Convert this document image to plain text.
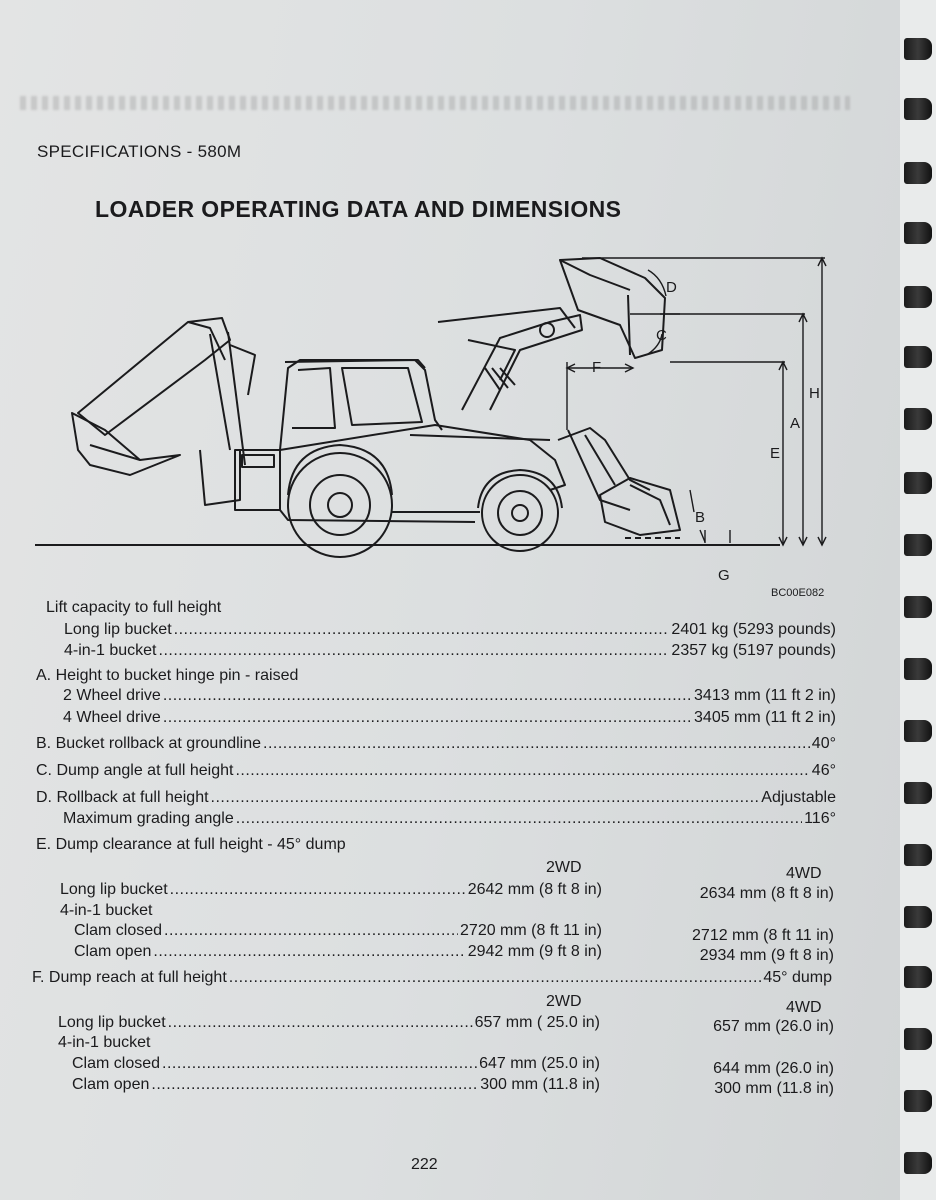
SPECIFICATIONS - 580M
LOADER OPERATING DATA AND DIMENSIONS
A
B
C
D
E
F
G
H
BC00E082
Lift capacity to full height
Long lip bucket .....	2401 kg (5293 pounds)
4-in-1 bucket .....	2357 kg (5197 pounds)
A. Height to bucket hinge pin - raised
2 Wheel drive .....	3413 mm (11 ft 2 in)
4 Wheel drive .....	3405 mm (11 ft 2 in)
B. Bucket rollback at groundline .....	40°
C. Dump angle at full height .....	46°
D. Rollback at full height .....	Adjustable
Maximum grading angle .....	116°
E. Dump clearance at full height - 45° dump
2WD	4WD
Long lip bucket .....	2642 mm (8 ft 8 in)	2634 mm (8 ft 8 in)
4-in-1 bucket
Clam closed .....	2720 mm (8 ft 11 in)	2712 mm (8 ft 11 in)
Clam open .....	2942 mm (9 ft 8 in)	2934 mm (9 ft 8 in)
F. Dump reach at full height .....	45° dump
2WD	4WD
Long lip bucket .....	657 mm ( 25.0 in)	657 mm (26.0 in)
4-in-1 bucket
Clam closed .....	647 mm (25.0 in)	644 mm (26.0 in)
Clam open .....	300 mm (11.8 in)	300 mm (11.8 in)
222
